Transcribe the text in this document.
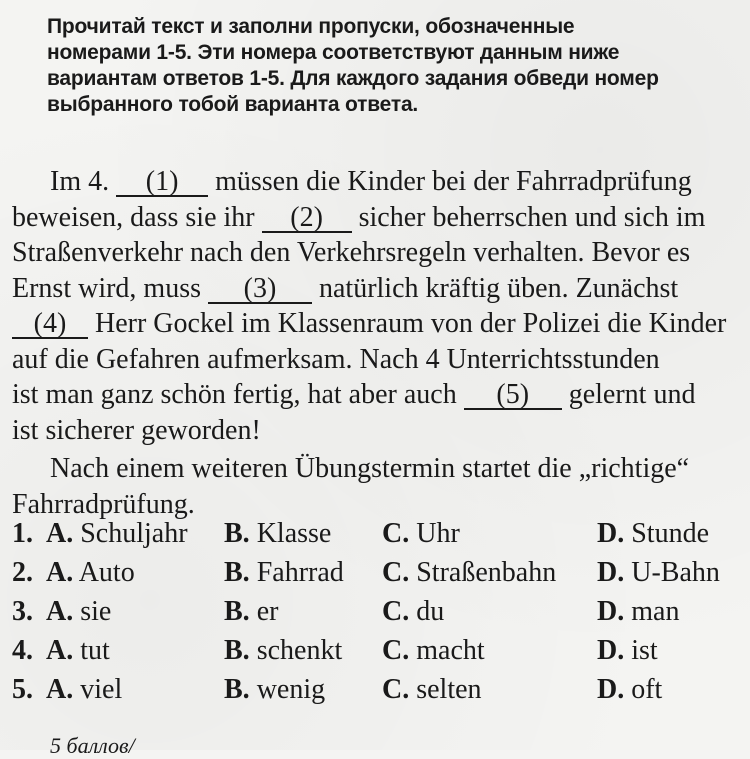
Прочитай текст и заполни пропуски, обозначенные

номерами 1-5. Эти номера соответствуют данным ниже

вариантам ответов 1-5. Для каждого задания обведи номер

выбранного тобой варианта ответа.

Im 4. (1) müssen die Kinder bei der Fahrradprüfung

beweisen, dass sie ihr (2) sicher beherrschen und sich im

Straßenverkehr nach den Verkehrsregeln verhalten. Bevor es

Ernst wird, muss (3) natürlich kräftig üben. Zunächst

(4) Herr Gockel im Klassenraum von der Polizei die Kinder

auf die Gefahren aufmerksam. Nach 4 Unterrichtsstunden

ist man ganz schön fertig, hat aber auch (5) gelernt und

ist sicherer geworden!

Nach einem weiteren Übungstermin startet die „richtige“

Fahrradprüfung.

1. A. Schuljahr B. Klasse C. Uhr	D. Stunde
2. A. Auto	B. Fahrrad C. Straßenbahn D. U-Bahn
3. A. sie	B. er	C. du	D. man
4. A. tut	B. schenkt C. macht	D. ist
5. A. viel	B. wenig C. selten	D. oft
5 баллов/
